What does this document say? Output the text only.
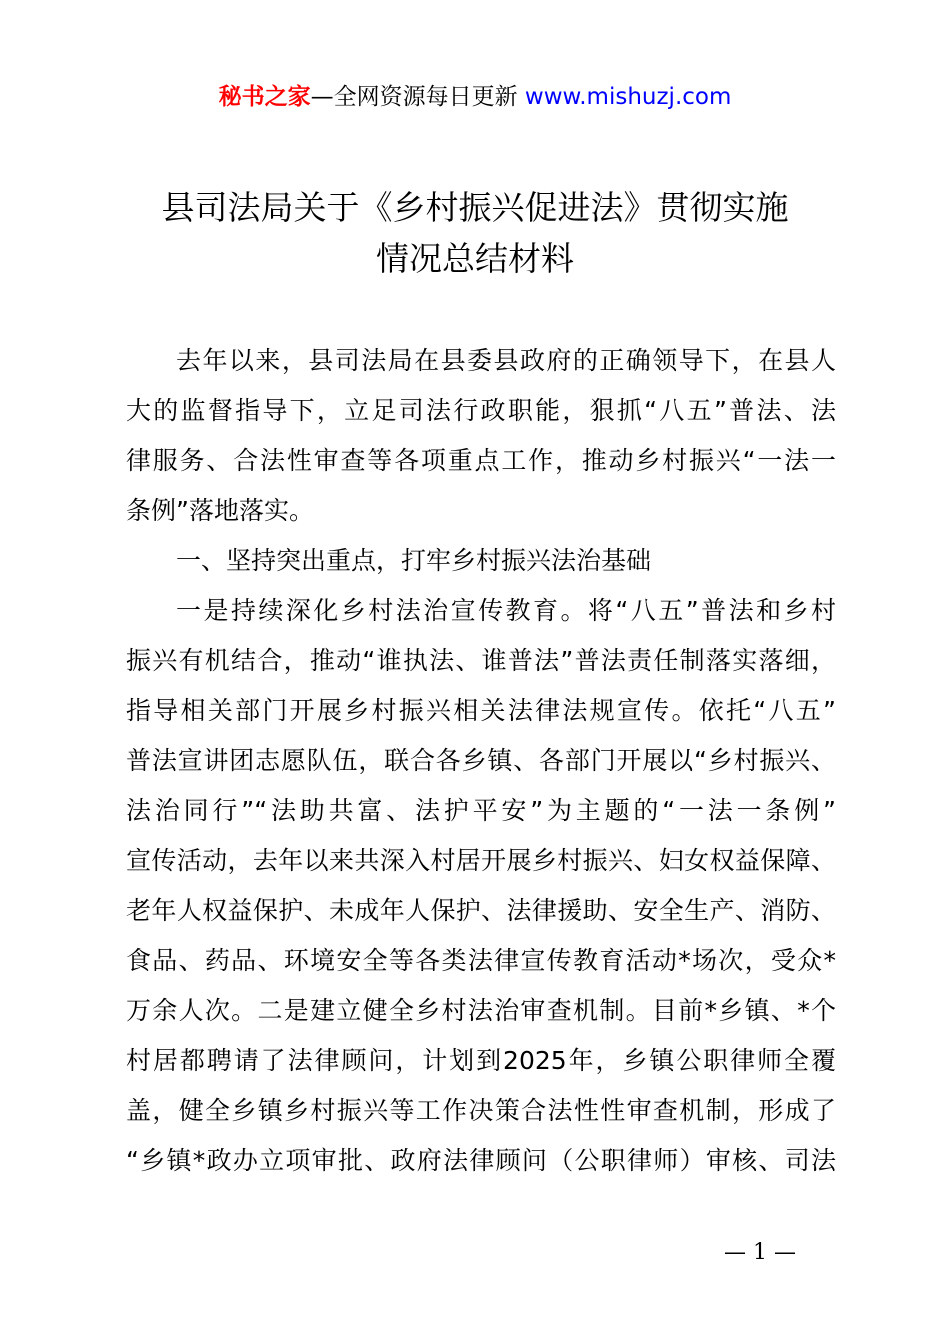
秘书之家—全网资源每日更新 www.mishuzj.com
县司法局关于《乡村振兴促进法》贯彻实施
情况总结材料
去年以来，县司法局在县委县政府的正确领导下，在县人
大的监督指导下，立足司法行政职能，狠抓“八五”普法、法
律服务、合法性审查等各项重点工作，推动乡村振兴“一法一
条例”落地落实。
一、坚持突出重点，打牢乡村振兴法治基础
一是持续深化乡村法治宣传教育。将“八五”普法和乡村
振兴有机结合，推动“谁执法、谁普法”普法责任制落实落细，
指导相关部门开展乡村振兴相关法律法规宣传。依托“八五”
普法宣讲团志愿队伍，联合各乡镇、各部门开展以“乡村振兴、
法治同行”“法助共富、法护平安”为主题的“一法一条例”
宣传活动，去年以来共深入村居开展乡村振兴、妇女权益保障、
老年人权益保护、未成年人保护、法律援助、安全生产、消防、
食品、药品、环境安全等各类法律宣传教育活动*场次，受众*
万余人次。二是建立健全乡村法治审查机制。目前*乡镇、*个
村居都聘请了法律顾问，计划到2025年，乡镇公职律师全覆
盖，健全乡镇乡村振兴等工作决策合法性性审查机制，形成了
“乡镇*政办立项审批、政府法律顾问（公职律师）审核、司法
— 1 —
